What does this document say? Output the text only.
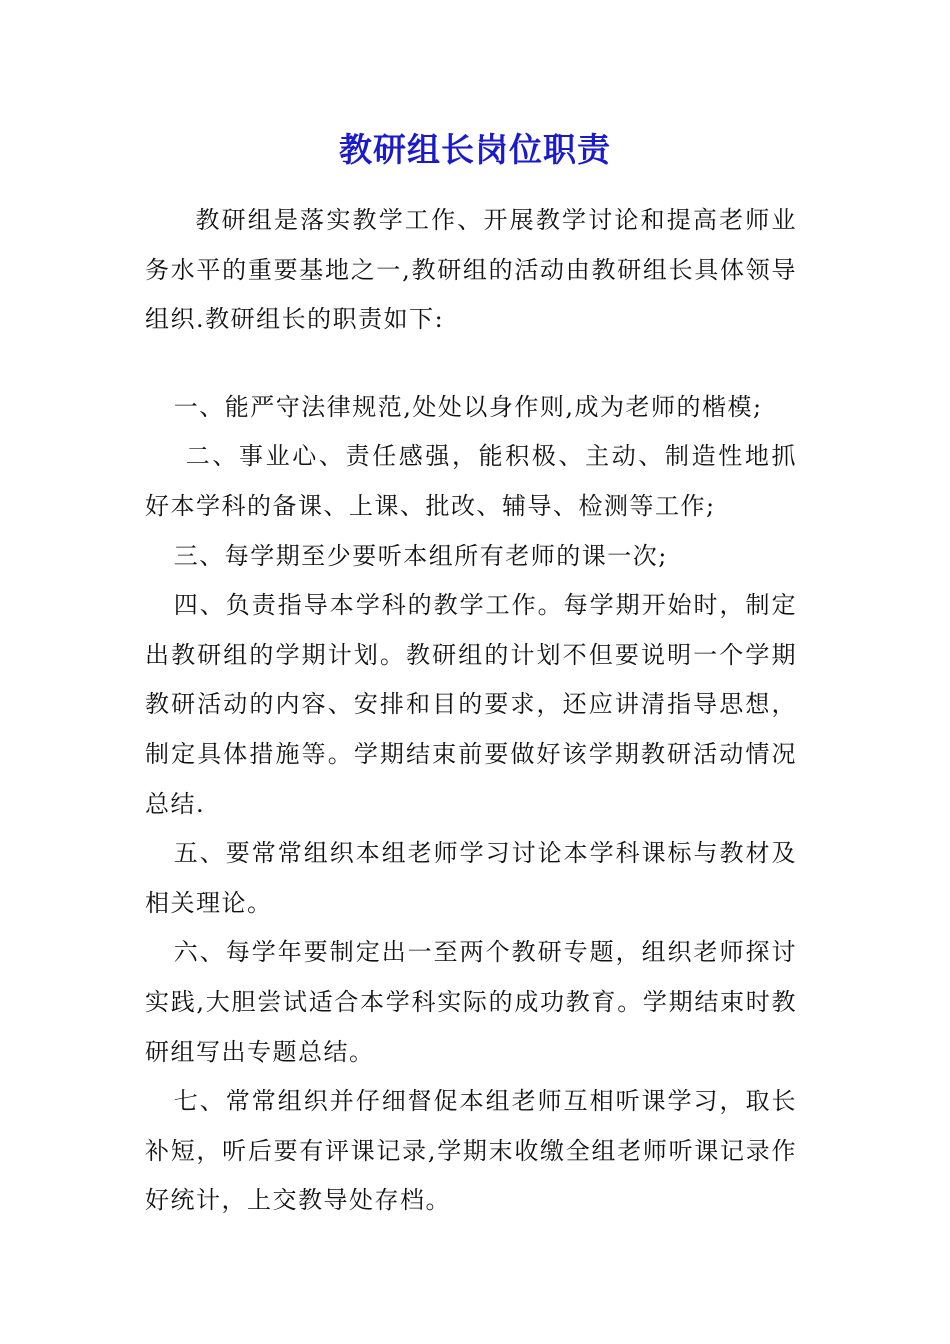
教研组长岗位职责

教研组是落实教学工作、开展教学讨论和提高老师业务水平的重要基地之一,教研组的活动由教研组长具体领导组织.教研组长的职责如下:

一、能严守法律规范,处处以身作则,成为老师的楷模;

二、事业心、责任感强，能积极、主动、制造性地抓好本学科的备课、上课、批改、辅导、检测等工作;

三、每学期至少要听本组所有老师的课一次;

四、负责指导本学科的教学工作。每学期开始时，制定出教研组的学期计划。教研组的计划不但要说明一个学期教研活动的内容、安排和目的要求，还应讲清指导思想，制定具体措施等。学期结束前要做好该学期教研活动情况总结.

五、要常常组织本组老师学习讨论本学科课标与教材及相关理论。

六、每学年要制定出一至两个教研专题，组织老师探讨实践,大胆尝试适合本学科实际的成功教育。学期结束时教研组写出专题总结。

七、常常组织并仔细督促本组老师互相听课学习，取长补短，听后要有评课记录,学期末收缴全组老师听课记录作好统计，上交教导处存档。
